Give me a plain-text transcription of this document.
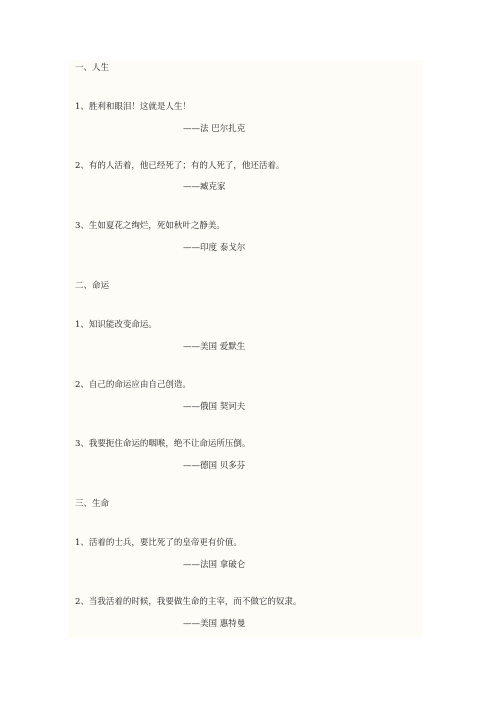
一、人生
1、胜利和眼泪！这就是人生！
——法 巴尔扎克
2、有的人活着，他已经死了；有的人死了，他还活着。
——臧克家
3、生如夏花之绚烂，死如秋叶之静美。
——印度 泰戈尔
二、命运
1、知识能改变命运。
——美国 爱默生
2、自己的命运应由自己创造。
——俄国 契诃夫
3、我要扼住命运的咽喉，绝不让命运所压倒。
——德国 贝多芬
三、生命
1、活着的士兵，要比死了的皇帝更有价值。
——法国 拿破仑
2、当我活着的时候，我要做生命的主宰，而不做它的奴隶。
——美国 惠特曼
